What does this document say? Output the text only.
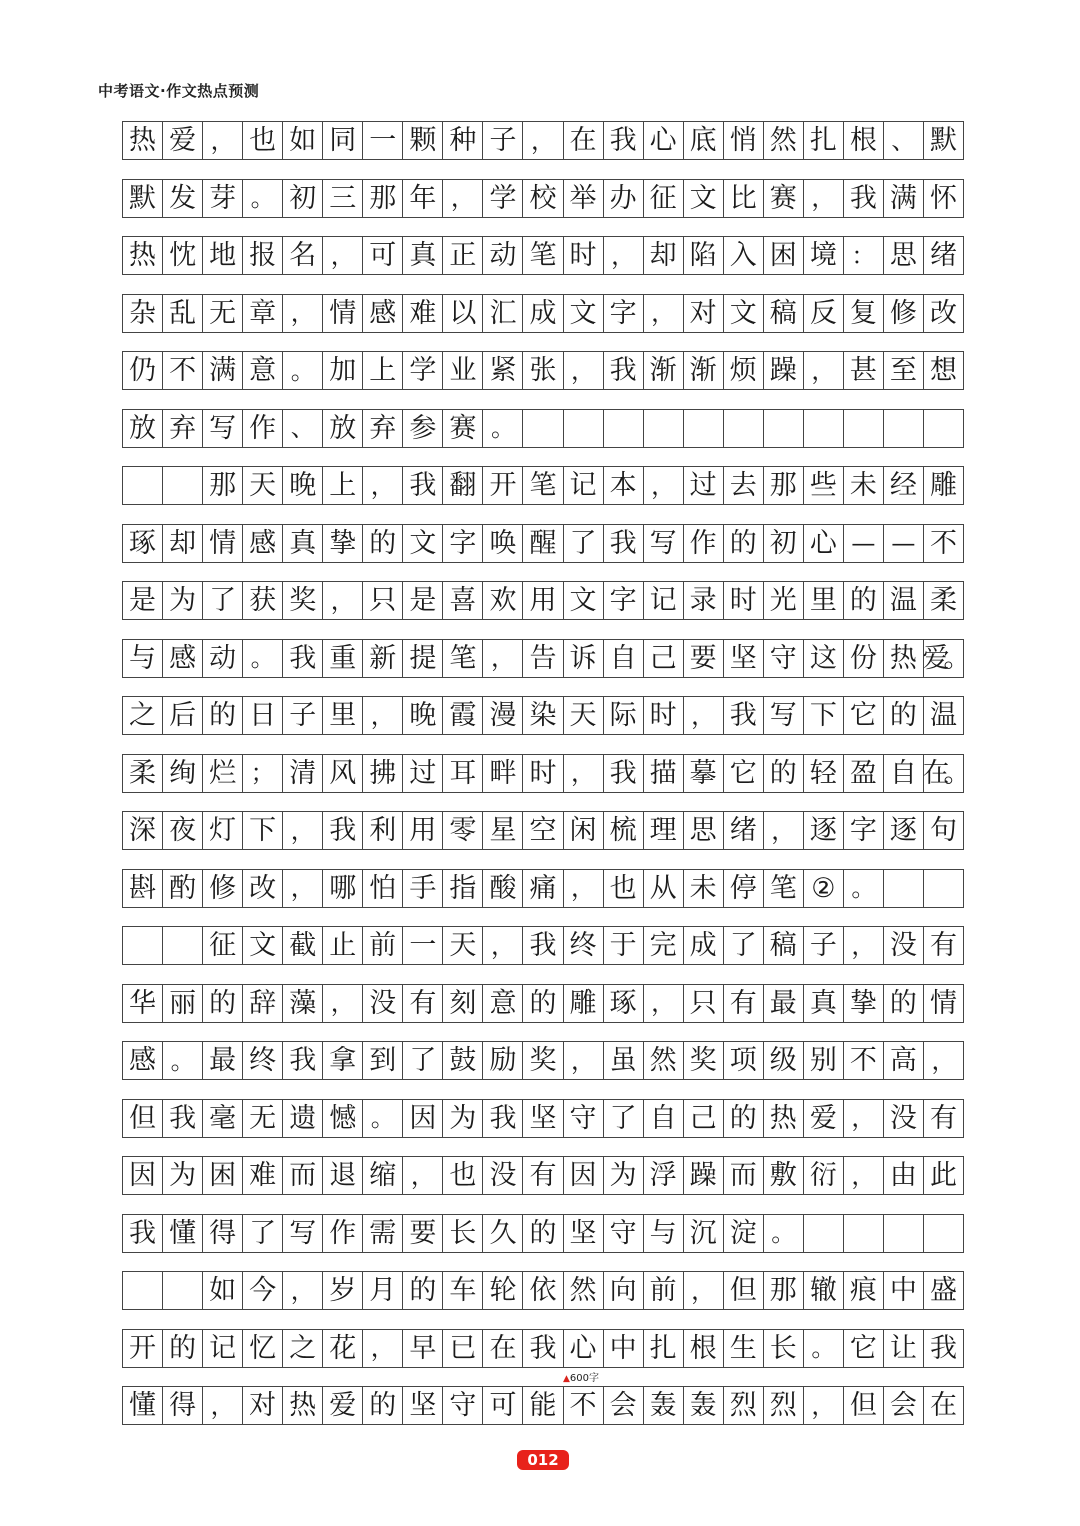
中考语文·作文热点预测
热 爱 ， 也 如 同 一 颗 种 子 ， 在 我 心 底 悄 然 扎 根 、 默
默 发 芽 。 初 三 那 年 ， 学 校 举 办 征 文 比 赛 ， 我 满 怀
热 忱 地 报 名 ， 可 真 正 动 笔 时 ， 却 陷 入 困 境 ： 思 绪
杂 乱 无 章 ， 情 感 难 以 汇 成 文 字 ， 对 文 稿 反 复 修 改
仍 不 满 意 。 加 上 学 业 紧 张 ， 我 渐 渐 烦 躁 ， 甚 至 想
放 弃 写 作 、 放 弃 参 赛 。
那 天 晚 上 ， 我 翻 开 笔 记 本 ， 过 去 那 些 未 经 雕
琢 却 情 感 真 挚 的 文 字 唤 醒 了 我 写 作 的 初 心 — — 不
是 为 了 获 奖 ， 只 是 喜 欢 用 文 字 记 录 时 光 里 的 温 柔
与 感 动 。 我 重 新 提 笔 ， 告 诉 自 己 要 坚 守 这 份 热 爱。
之 后 的 日 子 里 ， 晚 霞 漫 染 天 际 时 ， 我 写 下 它 的 温
柔 绚 烂 ； 清 风 拂 过 耳 畔 时 ， 我 描 摹 它 的 轻 盈 自 在。
深 夜 灯 下 ， 我 利 用 零 星 空 闲 梳 理 思 绪 ， 逐 字 逐 句
斟 酌 修 改 ， 哪 怕 手 指 酸 痛 ， 也 从 未 停 笔 ② 。
征 文 截 止 前 一 天 ， 我 终 于 完 成 了 稿 子 ， 没 有
华 丽 的 辞 藻 ， 没 有 刻 意 的 雕 琢 ， 只 有 最 真 挚 的 情
感 。 最 终 我 拿 到 了 鼓 励 奖 ， 虽 然 奖 项 级 别 不 高 ，
但 我 毫 无 遗 憾 。 因 为 我 坚 守 了 自 己 的 热 爱 ， 没 有
因 为 困 难 而 退 缩 ， 也 没 有 因 为 浮 躁 而 敷 衍 ， 由 此
我 懂 得 了 写 作 需 要 长 久 的 坚 守 与 沉 淀 。
如 今 ， 岁 月 的 车 轮 依 然 向 前 ， 但 那 辙 痕 中 盛
开 的 记 忆 之 花 ， 早 已 在 我 心 中 扎 根 生 长 。 它 让 我
懂 得 ， 对 热 爱 的 坚 守 可 能 不 会 轰 轰 烈 烈 ， 但 会 在
▲600字
012
